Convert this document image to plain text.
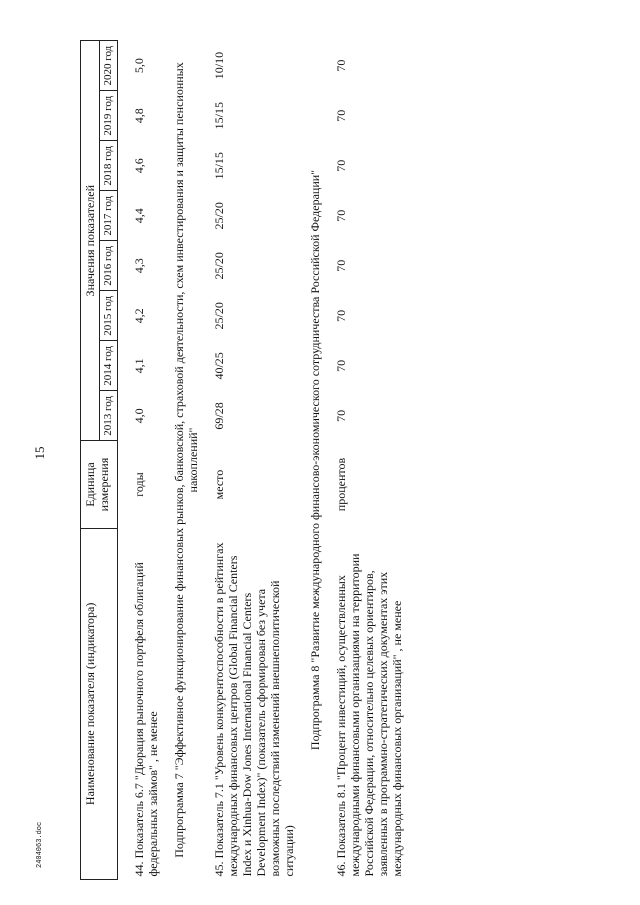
15
Наименование показателя (индикатора)	Единица измерения	Значения показателей							
		2013 год	2014 год	2015 год	2016 год	2017 год	2018 год	2019 год	2020 год
44. Показатель 6.7 "Дюрация рыночного портфеля облигаций федеральных займов" , не менее	годы	4,0	4,1	4,2	4,3	4,4	4,6	4,8	5,0
Подпрограмма 7 "Эффективное функционирование финансовых рынков, банковской, страховой деятельности, схем инвестирования и защиты пенсионных накоплений"									
45. Показатель 7.1 "Уровень конкурентоспособности в рейтингах международных финансовых центров (Global Financial Centers Index и Xinhua-Dow Jones International Financial Centers Development Index)" (показатель сформирован без учета возможных последствий изменений внешнеполитической ситуации)	место	69/28	40/25	25/20	25/20	25/20	15/15	15/15	10/10
Подпрограмма 8 "Развитие международного финансово-экономического сотрудничества Российской Федерации"									
46. Показатель 8.1 "Процент инвестиций, осуществленных международными финансовыми организациями на территории Российской Федерации, относительно целевых ориентиров, заявленных в программно-стратегических документах этих международных финансовых организаций" , не менее	процентов	70	70	70	70	70	70	70	70
2404063.doc
